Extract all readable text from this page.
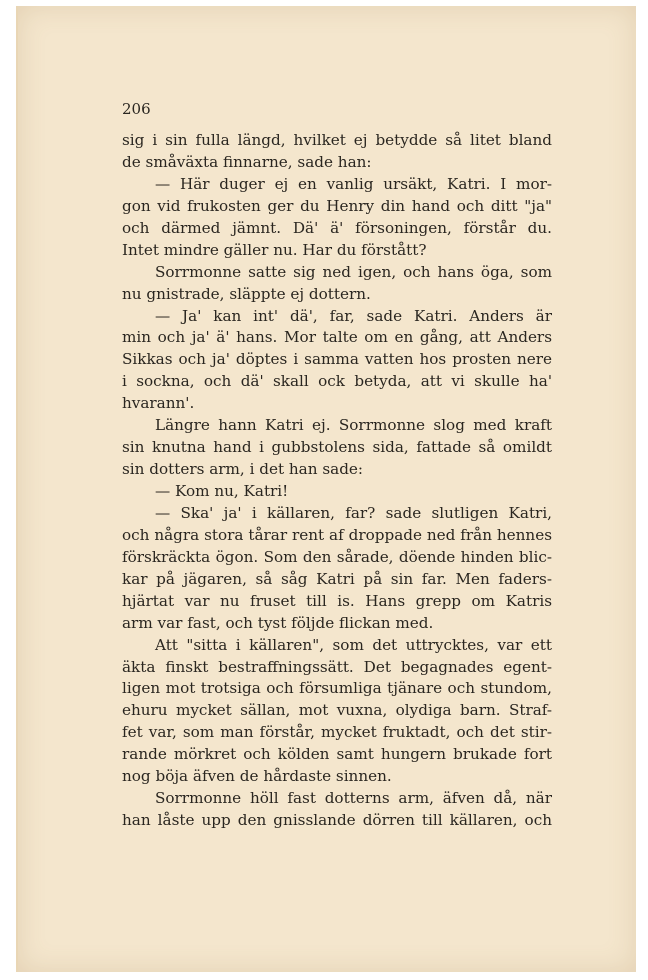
206
sig i sin fulla längd, hvilket ej betydde så litet bland
de småväxta finnarne, sade han:
— Här duger ej en vanlig ursäkt, Katri. I mor-
gon vid frukosten ger du Henry din hand och ditt "ja"
och därmed jämnt. Dä' ä' försoningen, förstår du.
Intet mindre gäller nu. Har du förstått?
Sorrmonne satte sig ned igen, och hans öga, som
nu gnistrade, släppte ej dottern.
— Ja' kan int' dä', far, sade Katri. Anders är
min och ja' ä' hans. Mor talte om en gång, att Anders
Sikkas och ja' döptes i samma vatten hos prosten nere
i sockna, och dä' skall ock betyda, att vi skulle ha'
hvarann'.
Längre hann Katri ej. Sorrmonne slog med kraft
sin knutna hand i gubbstolens sida, fattade så omildt
sin dotters arm, i det han sade:
— Kom nu, Katri!
— Ska' ja' i källaren, far? sade slutligen Katri,
och några stora tårar rent af droppade ned från hennes
förskräckta ögon. Som den sårade, döende hinden blic-
kar på jägaren, så såg Katri på sin far. Men faders-
hjärtat var nu fruset till is. Hans grepp om Katris
arm var fast, och tyst följde flickan med.
Att "sitta i källaren", som det uttrycktes, var ett
äkta finskt bestraffningssätt. Det begagnades egent-
ligen mot trotsiga och försumliga tjänare och stundom,
ehuru mycket sällan, mot vuxna, olydiga barn. Straf-
fet var, som man förstår, mycket fruktadt, och det stir-
rande mörkret och kölden samt hungern brukade fort
nog böja äfven de hårdaste sinnen.
Sorrmonne höll fast dotterns arm, äfven då, när
han låste upp den gnisslande dörren till källaren, och
